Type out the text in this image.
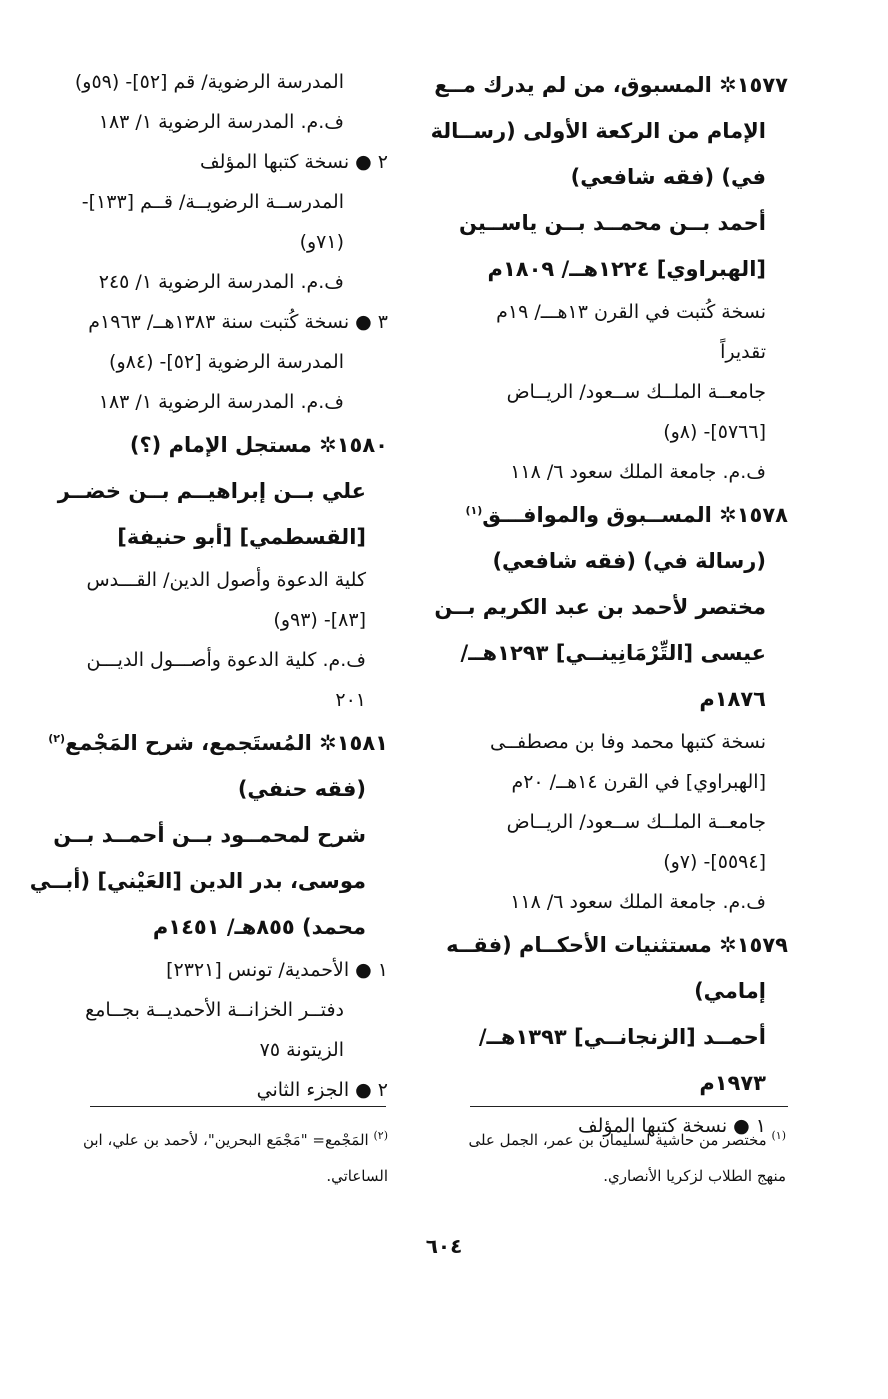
١٥٧٧✲ المسبوق، من لم يدرك مــع
الإمام من الركعة الأولى (رســالة
في) (فقه شافعي)
أحمد بــن محمــد بــن ياســين
[الهبراوي] ١٢٢٤هــ/ ١٨٠٩م
نسخة كُتبت في القرن ١٣هـــ/ ١٩م
تقديراً
جامعــة الملــك ســعود/ الريــاض
[٥٧٦٦]- (٨و)
ف.م. جامعة الملك سعود ٦/ ١١٨
١٥٧٨✲ المســبوق والموافـــق$^{(١)}$
(رسالة في) (فقه شافعي)
مختصر لأحمد بن عبد الكريم بــن
عيسى [التِّرْمَانِينــي] ١٢٩٣هــ/
١٨٧٦م
نسخة كتبها محمد وفا بن مصطفــى
[الهبراوي] في القرن ١٤هــ/ ٢٠م
جامعــة الملــك ســعود/ الريــاض
[٥٥٩٤]- (٧و)
ف.م. جامعة الملك سعود ٦/ ١١٨
١٥٧٩✲ مستثنيات الأحكــام (فقــه
إمامي)
أحمــد [الزنجانــي] ١٣٩٣هــ/
١٩٧٣م
١ ● نسخة كتبها المؤلف
المدرسة الرضوية/ قم [٥٢]- (٥٩و)
ف.م. المدرسة الرضوية ١/ ١٨٣
٢ ● نسخة كتبها المؤلف
المدرســة الرضويــة/ قــم [١٣٣]-
(٧١و)
ف.م. المدرسة الرضوية ١/ ٢٤٥
٣ ● نسخة كُتبت سنة ١٣٨٣هــ/ ١٩٦٣م
المدرسة الرضوية [٥٢]- (٨٤و)
ف.م. المدرسة الرضوية ١/ ١٨٣
١٥٨٠✲ مستجل الإمام (؟)
علي بــن إبراهيــم بــن خضــر
[القسطمي] [أبو حنيفة]
كلية الدعوة وأصول الدين/ القـــدس
[٨٣]- (٩٣و)
ف.م. كلية الدعوة وأصـــول الديـــن
٢٠١
١٥٨١✲ المُستَجمع، شرح المَجْمع$^{(٢)}$
(فقه حنفي)
شرح لمحمــود بــن أحمــد بــن
موسى، بدر الدين [العَيْني] (أبــي
محمد) ٨٥٥هـ/ ١٤٥١م
١ ● الأحمدية/ تونس [٢٣٢١]
دفتــر الخزانــة الأحمديــة بجــامع
الزيتونة ٧٥
٢ ● الجزء الثاني
$^{(١)}$ مختصر من حاشية لسليمان بن عمر، الجمل على
منهج الطلاب لزكريا الأنصاري.
$^{(٢)}$ المَجْمع= "مَجْمَع البحرين"، لأحمد بن علي، ابن
الساعاتي.
٦٠٤
